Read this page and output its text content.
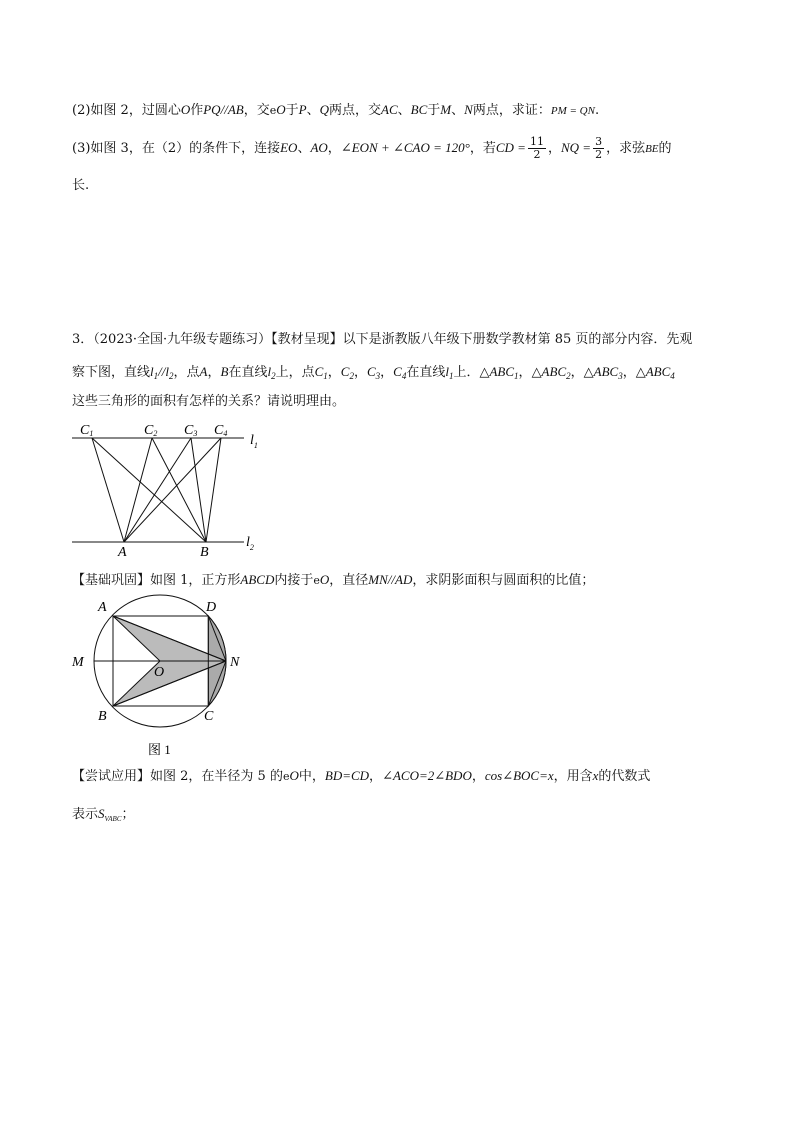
(2)如图 2，过圆心O作PQ//AB，交eO于P、Q两点，交AC、BC于M、N两点，求证：PM = QN.
(3)如图 3，在（2）的条件下，连接EO、AO，∠EON + ∠CAO = 120°，若CD = $\frac{11}{2}$ ，NQ = $\frac{3}{2}$ ，求弦BE的
长.
3．（2023·全国·九年级专题练习）【教材呈现】以下是浙教版八年级下册数学教材第 85 页的部分内容．先观
察下图，直线$l_1//l_2$，点A，B在直线$l_2$上，点$C_1$，$C_2$，$C_3$，$C_4$在直线$l_1$上．$\triangle ABC_1$，$\triangle ABC_2$，$\triangle ABC_3$，$\triangle ABC_4$
这些三角形的面积有怎样的关系？请说明理由。
C1	C2 C3 C4 $l_1$
A	B
$l_2$
【基础巩固】如图 1，正方形ABCD内接于eO，直径MN//AD，求阴影面积与圆面积的比值；
A	D
M	N
O
B	C
图 1
【尝试应用】如图 2，在半径为 5 的eO中，BD=CD，∠ACO=2∠BDO，cos∠BOC=x，用含x的代数式
表示$S_{VABC}$；
